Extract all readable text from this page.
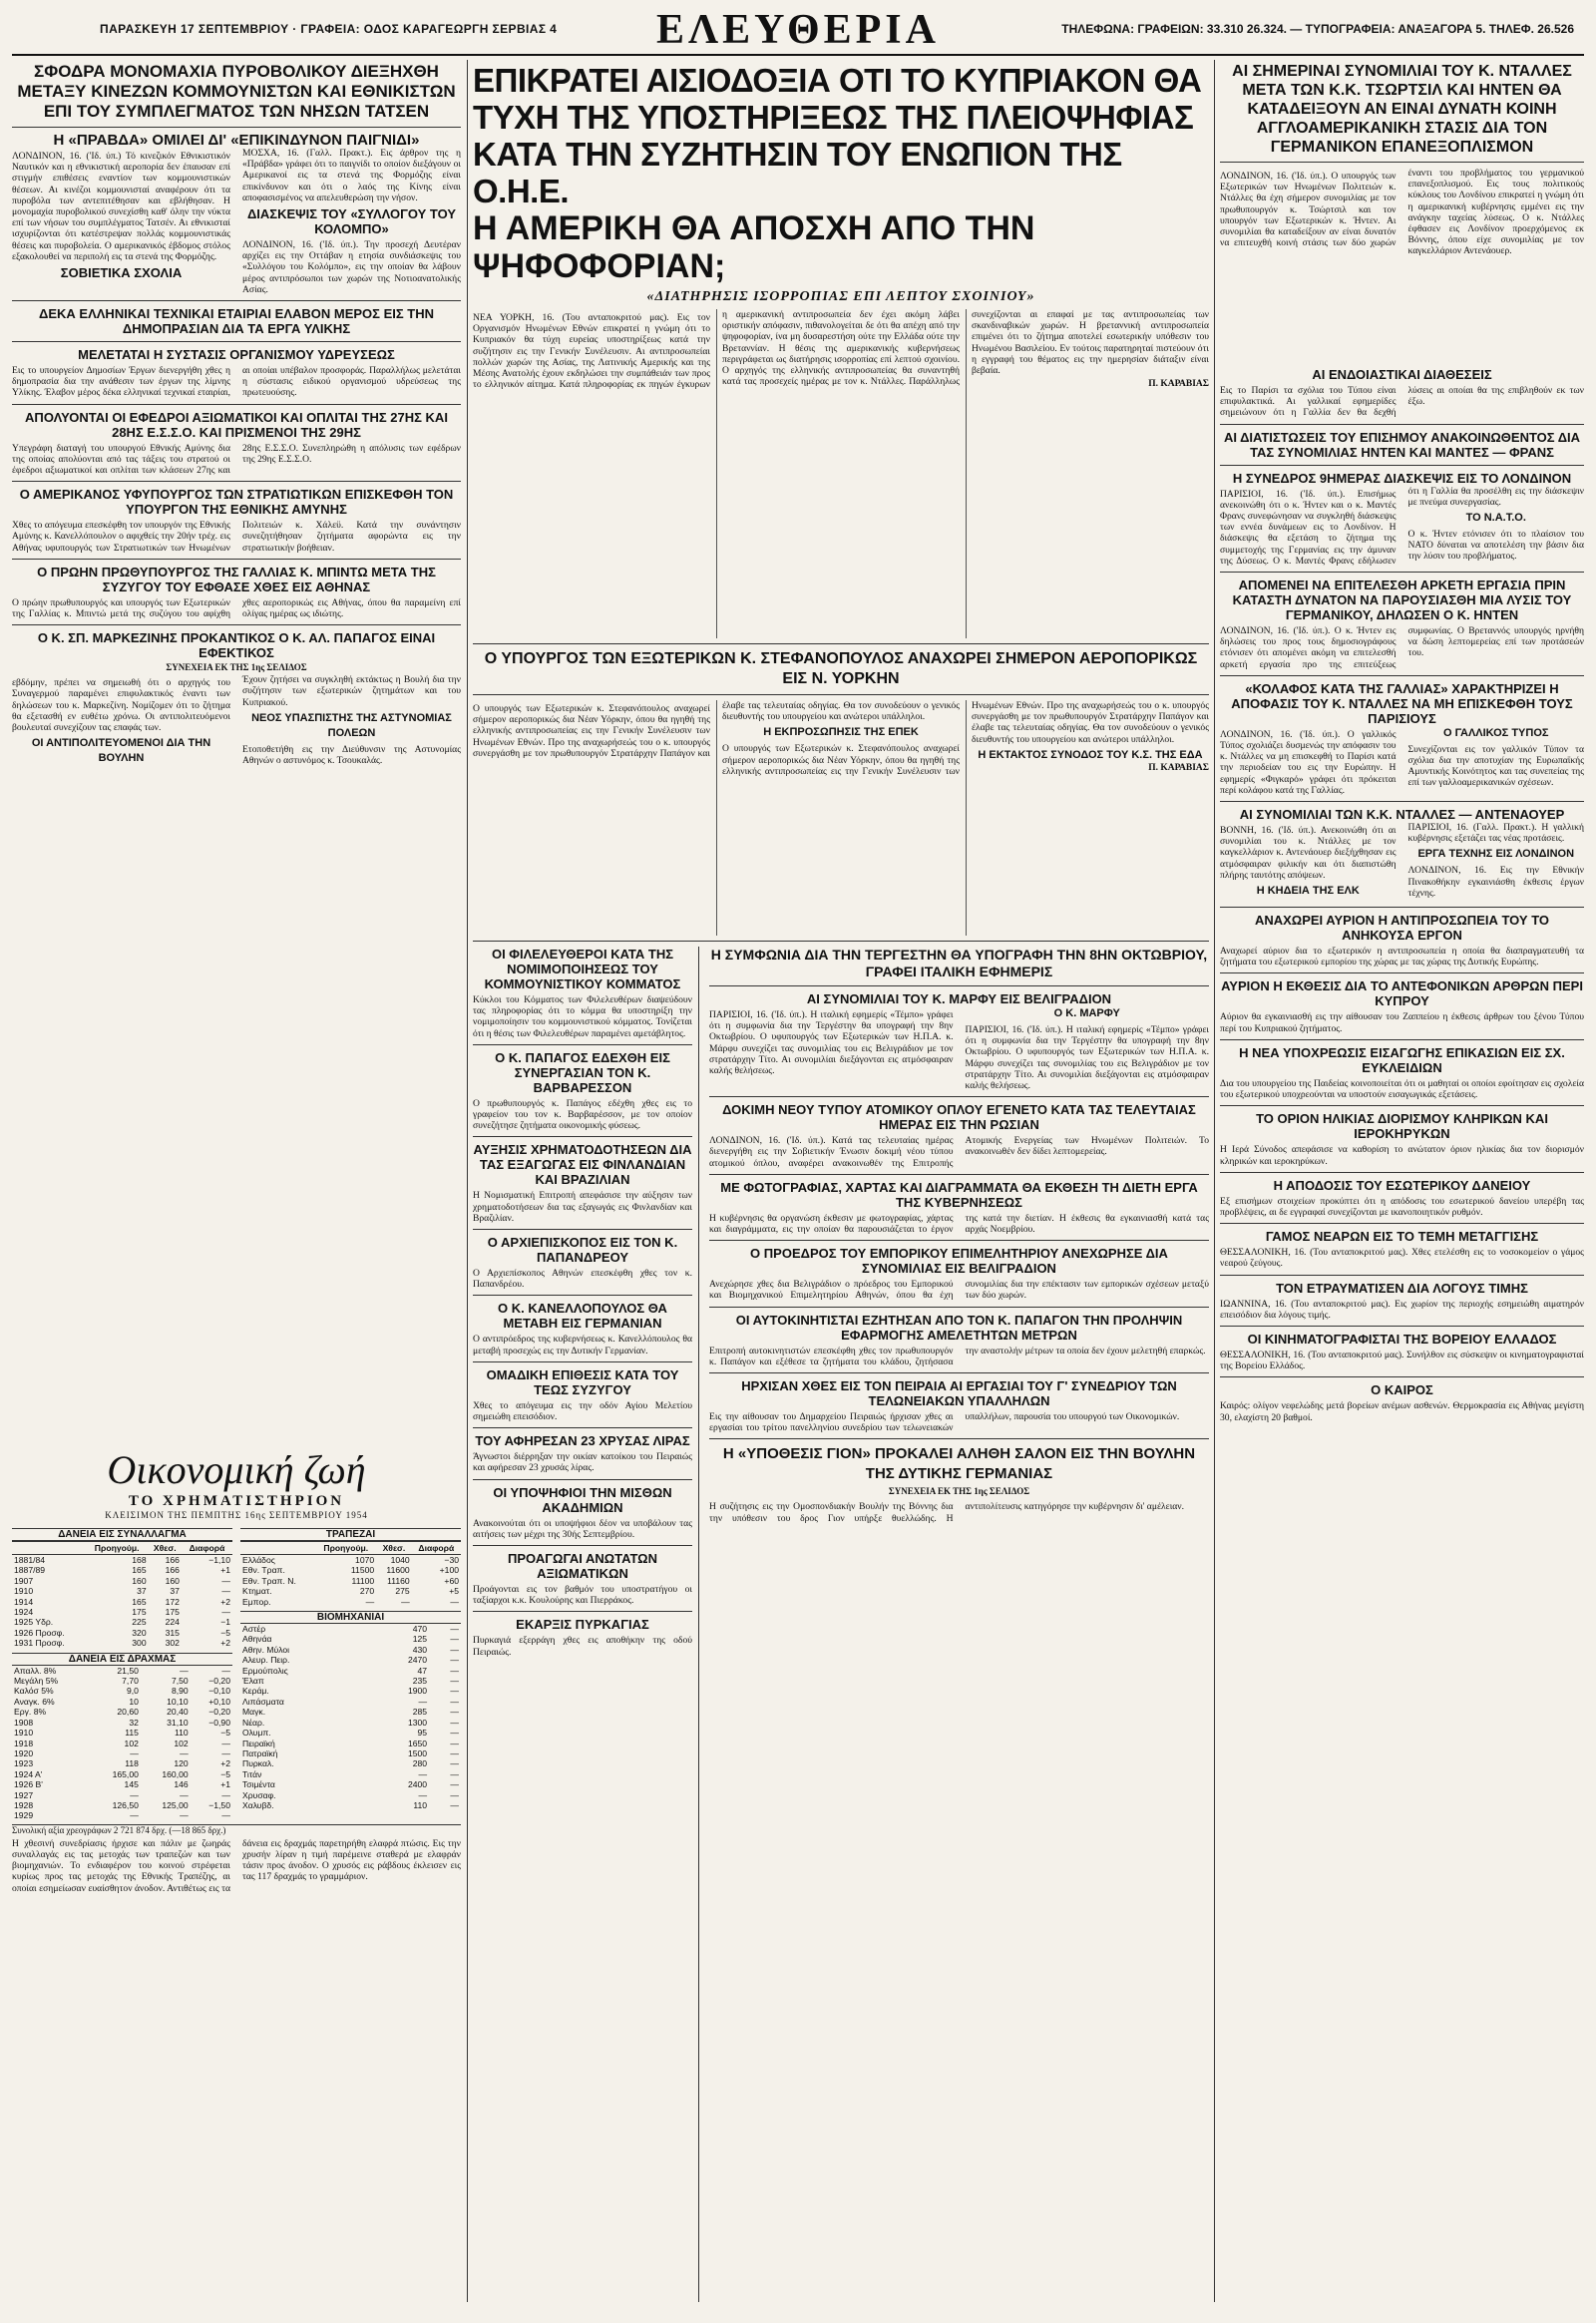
ΠΑΡΑΣΚΕΥΗ 17 ΣΕΠΤΕΜΒΡΙΟΥ · ΓΡΑΦΕΙΑ: ΟΔΟΣ ΚΑΡΑΓΕΩΡΓΗ ΣΕΡΒΙΑΣ 4	ΕΛΕΥΘΕΡΙΑ	ΤΗΛΕΦΩΝΑ: ΓΡΑΦΕΙΩΝ: 33.310 26.324. — ΤΥΠΟΓΡΑΦΕΙΑ: ΑΝΑΞΑΓΟΡΑ 5. ΤΗΛΕΦ. 26.526
ΣΦΟΔΡΑ ΜΟΝΟΜΑΧΙΑ ΠΥΡΟΒΟΛΙΚΟΥ ΔΙΕΞΗΧΘΗ ΜΕΤΑΞΥ ΚΙΝΕΖΩΝ ΚΟΜΜΟΥΝΙΣΤΩΝ ΚΑΙ ΕΘΝΙΚΙΣΤΩΝ ΕΠΙ ΤΟΥ ΣΥΜΠΛΕΓΜΑΤΟΣ ΤΩΝ ΝΗΣΩΝ ΤΑΤΣΕΝ
Η «ΠΡΑΒΔΑ» ΟΜΙΛΕΙ ΔΙ' «ΕΠΙΚΙΝΔΥΝΟΝ ΠΑΙΓΝΙΔΙ»

ΛΟΝΔΙΝΟΝ, 16. ('Ιδ. ύπ.) Τό κινεζικόν Εθνικιστικόν Ναυτικόν και η εθνικιστική αεροπορία δεν έπαυσαν επί στιγμήν επιθέσεις εναντίον των κομμουνιστικών θέσεων. Αι κινέζοι κομμουνισταί αναφέρουν ότι τα πυροβόλα των αντεπιτέθησαν και εβλήθησαν. Η μονομαχία πυροβολικού συνεχίσθη καθ' όλην την νύκτα επί των νήσων του συμπλέγματος Τατσέν. Αι εθνικισταί ισχυρίζονται ότι κατέστρεψαν πολλάς κομμουνιστικάς θέσεις και πυροβολεία. Ο αμερικανικός έβδομος στόλος εξακολουθεί να περιπολή εις τα στενά της Φορμόζης.

ΣΟΒΙΕΤΙΚΑ ΣΧΟΛΙΑ

ΜΟΣΧΑ, 16. (Γαλλ. Πρακτ.). Εις άρθρον της η «Πράβδα» γράφει ότι το παιγνίδι το οποίον διεξάγουν οι Αμερικανοί εις τα στενά της Φορμόζης είναι επικίνδυνον και ότι ο λαός της Κίνης είναι αποφασισμένος να απελευθερώση την νήσον.

ΔΙΑΣΚΕΨΙΣ ΤΟΥ «ΣΥΛΛΟΓΟΥ ΤΟΥ ΚΟΛΟΜΠΟ»

ΛΟΝΔΙΝΟΝ, 16. ('Ιδ. ύπ.). Την προσεχή Δευτέραν αρχίζει εις την Οττάβαν η ετησία συνδιάσκεψις του «Συλλόγου του Κολόμπο», εις την οποίαν θα λάβουν μέρος αντιπρόσωποι των χωρών της Νοτιοανατολικής Ασίας.

ΔΕΚΑ ΕΛΛΗΝΙΚΑΙ ΤΕΧΝΙΚΑΙ ΕΤΑΙΡΙΑΙ ΕΛΑΒΟΝ ΜΕΡΟΣ ΕΙΣ ΤΗΝ ΔΗΜΟΠΡΑΣΙΑΝ ΔΙΑ ΤΑ ΕΡΓΑ ΥΛΙΚΗΣ
ΜΕΛΕΤΑΤΑΙ Η ΣΥΣΤΑΣΙΣ ΟΡΓΑΝΙΣΜΟΥ ΥΔΡΕΥΣΕΩΣ

Εις το υπουργείον Δημοσίων Έργων διενεργήθη χθες η δημοπρασία δια την ανάθεσιν των έργων της λίμνης Υλίκης. Έλαβον μέρος δέκα ελληνικαί τεχνικαί εταιρίαι, αι οποίαι υπέβαλον προσφοράς. Παραλλήλως μελετάται η σύστασις ειδικού οργανισμού υδρεύσεως της πρωτευούσης.

ΑΠΟΛΥΟΝΤΑΙ ΟΙ ΕΦΕΔΡΟΙ ΑΞΙΩΜΑΤΙΚΟΙ ΚΑΙ ΟΠΛΙΤΑΙ ΤΗΣ 27ΗΣ ΚΑΙ 28ΗΣ Ε.Σ.Σ.Ο. ΚΑΙ ΠΡΙΣΜΕΝΟΙ ΤΗΣ 29ΗΣ

Υπεγράφη διαταγή του υπουργού Εθνικής Αμύνης δια της οποίας απολύονται από τας τάξεις του στρατού οι έφεδροι αξιωματικοί και οπλίται των κλάσεων 27ης και 28ης Ε.Σ.Σ.Ο. Συνεπληρώθη η απόλυσις των εφέδρων της 29ης Ε.Σ.Σ.Ο.

Ο ΑΜΕΡΙΚΑΝΟΣ ΥΦΥΠΟΥΡΓΟΣ ΤΩΝ ΣΤΡΑΤΙΩΤΙΚΩΝ ΕΠΙΣΚΕΦΘΗ ΤΟΝ ΥΠΟΥΡΓΟΝ ΤΗΣ ΕΘΝΙΚΗΣ ΑΜΥΝΗΣ

Χθες το απόγευμα επεσκέφθη τον υπουργόν της Εθνικής Αμύνης κ. Κανελλόπουλον ο αφιχθείς την 20ήν τρέχ. εις Αθήνας υφυπουργός των Στρατιωτικών των Ηνωμένων Πολιτειών κ. Χάλεϋ. Κατά την συνάντησιν συνεζητήθησαν ζητήματα αφορώντα εις την στρατιωτικήν βοήθειαν.

Ο ΠΡΩΗΝ ΠΡΩΘΥΠΟΥΡΓΟΣ ΤΗΣ ΓΑΛΛΙΑΣ Κ. ΜΠΙΝΤΩ ΜΕΤΑ ΤΗΣ ΣΥΖΥΓΟΥ ΤΟΥ ΕΦΘΑΣΕ ΧΘΕΣ ΕΙΣ ΑΘΗΝΑΣ

Ο πρώην πρωθυπουργός και υπουργός των Εξωτερικών της Γαλλίας κ. Μπιντώ μετά της συζύγου του αφίχθη χθες αεροπορικώς εις Αθήνας, όπου θα παραμείνη επί ολίγας ημέρας ως ιδιώτης.

Ο Κ. ΣΠ. ΜΑΡΚΕΖΙΝΗΣ ΠΡΟΚΑΝΤΙΚΟΣ Ο Κ. ΑΛ. ΠΑΠΑΓΟΣ ΕΙΝΑΙ ΕΦΕΚΤΙΚΟΣ
ΣΥΝΕΧΕΙΑ ΕΚ ΤΗΣ 1ης ΣΕΛΙΔΟΣ

εβδόμην, πρέπει να σημειωθή ότι ο αρχηγός του Συναγερμού παραμένει επιφυλακτικός έναντι των δηλώσεων του κ. Μαρκεζίνη. Νομίζομεν ότι το ζήτημα θα εξετασθή εν ευθέτω χρόνω. Οι αντιπολιτευόμενοι βουλευταί συνεχίζουν τας επαφάς των.

ΟΙ ΑΝΤΙΠΟΛΙΤΕΥΟΜΕΝΟΙ ΔΙΑ ΤΗΝ ΒΟΥΛΗΝ

Έχουν ζητήσει να συγκληθή εκτάκτως η Βουλή δια την συζήτησιν των εξωτερικών ζητημάτων και του Κυπριακού.

ΝΕΟΣ ΥΠΑΣΠΙΣΤΗΣ ΤΗΣ ΑΣΤΥΝΟΜΙΑΣ ΠΟΛΕΩΝ

Ετοποθετήθη εις την Διεύθυνσιν της Αστυνομίας Αθηνών ο αστυνόμος κ. Τσουκαλάς.

Οικονομική ζωή
ΤΟ ΧΡΗΜΑΤΙΣΤΗΡΙΟΝ
ΚΛΕΙΣΙΜΟΝ ΤΗΣ ΠΕΜΠΤΗΣ 16ης ΣΕΠΤΕΜΒΡΙΟΥ 1954
ΔΑΝΕΙΑ ΕΙΣ ΣΥΝΑΛΛΑΓΜΑ
	Προηγούμ.	Χθεσ.	Διαφορά
1881/84	168	166	−1,10
1887/89	165	166	+1
1907	160	160	—
1910	37	37	—
1914	165	172	+2
1924	175	175	—
1925 Υδρ.	225	224	−1
1926 Προσφ.	320	315	−5
1931 Προσφ.	300	302	+2
ΔΑΝΕΙΑ ΕΙΣ ΔΡΑΧΜΑΣ
Απαλλ. 8%	21,50	—	—
Μεγάλη 5%	7,70	7,50	−0,20
Καλόσ 5%	9,0	8,90	−0,10
Αναγκ. 6%	10	10,10	+0,10
Εργ. 8%	20,60	20,40	−0,20
1908	32	31,10	−0,90
1910	115	110	−5
1918	102	102	—
1920	—	—	—
1923	118	120	+2
1924 Α'	165,00	160,00	−5
1926 Β'	145	146	+1
1927	—	—	—
1928	126,50	125,00	−1,50
1929	—	—	—
ΤΡΑΠΕΖΑΙ
	Προηγούμ.	Χθεσ.	Διαφορά
Ελλάδος	1070	1040	−30
Εθν. Τραπ.	11500	11600	+100
Εθν. Τραπ. Ν.	11100	11160	+60
Κτηματ.	270	275	+5
Εμπορ.	—	—	—
ΒΙΟΜΗΧΑΝΙΑΙ
Αστέρ	470	—
Αθηνάα	125	—
Αθην. Μύλοι	430	—
Αλευρ. Πειρ.	2470	—
Ερμούπολις	47	—
Έλαπ	235	—
Κεράμ.	1900	—
Λιπάσματα	—	—
Μαγκ.	285	—
Νέαρ.	1300	—
Ολυμπ.	95	—
Πειραϊκή	1650	—
Πατραϊκή	1500	—
Πυρκαλ.	280	—
Τιτάν	—	—
Τσιμέντα	2400	—
Χρυσαφ.	—	—
Χαλυβδ.	110	—
Συνολική αξία χρεογράφων 2 721 874 δρχ. (—18 865 δρχ.)

Η χθεσινή συνεδρίασις ήρχισε και πάλιν με ζωηράς συναλλαγάς εις τας μετοχάς των τραπεζών και των βιομηχανιών. Το ενδιαφέρον του κοινού στρέφεται κυρίως προς τας μετοχάς της Εθνικής Τραπέζης, αι οποίαι εσημείωσαν ευαίσθητον άνοδον. Αντιθέτως εις τα δάνεια εις δραχμάς παρετηρήθη ελαφρά πτώσις. Εις την χρυσήν λίραν η τιμή παρέμεινε σταθερά με ελαφράν τάσιν προς άνοδον. Ο χρυσός εις ράβδους έκλεισεν εις τας 117 δραχμάς το γραμμάριον.

ΕΠΙΚΡΑΤΕΙ ΑΙΣΙΟΔΟΞΙΑ ΟΤΙ ΤΟ ΚΥΠΡΙΑΚΟΝ ΘΑ ΤΥΧΗ ΤΗΣ ΥΠΟΣΤΗΡΙΞΕΩΣ ΤΗΣ ΠΛΕΙΟΨΗΦΙΑΣ ΚΑΤΑ ΤΗΝ ΣΥΖΗΤΗΣΙΝ ΤΟΥ ΕΝΩΠΙΟΝ ΤΗΣ Ο.Η.Ε.
Η ΑΜΕΡΙΚΗ ΘΑ ΑΠΟΣΧΗ ΑΠΟ ΤΗΝ ΨΗΦΟΦΟΡΙΑΝ;
«ΔΙΑΤΗΡΗΣΙΣ ΙΣΟΡΡΟΠΙΑΣ ΕΠΙ ΛΕΠΤΟΥ ΣΧΟΙΝΙΟΥ»

ΝΕΑ ΥΟΡΚΗ, 16. (Του ανταποκριτού μας). Εις τον Οργανισμόν Ηνωμένων Εθνών επικρατεί η γνώμη ότι το Κυπριακόν θα τύχη ευρείας υποστηρίξεως κατά την συζήτησιν εις την Γενικήν Συνέλευσιν. Αι αντιπροσωπείαι πολλών χωρών της Ασίας, της Λατινικής Αμερικής και της Μέσης Ανατολής έχουν εκδηλώσει την συμπάθειάν των προς το ελληνικόν αίτημα. Κατά πληροφορίας εκ πηγών έγκυρων η αμερικανική αντιπροσωπεία δεν έχει ακόμη λάβει οριστικήν απόφασιν, πιθανολογείται δε ότι θα απέχη από την ψηφοφορίαν, ίνα μη δυσαρεστήση ούτε την Ελλάδα ούτε την Βρεταννίαν. Η θέσις της αμερικανικής κυβερνήσεως περιγράφεται ως διατήρησις ισορροπίας επί λεπτού σχοινίου. Ο αρχηγός της ελληνικής αντιπροσωπείας θα συναντηθή κατά τας προσεχείς ημέρας με τον κ. Ντάλλες. Παράλληλως συνεχίζονται αι επαφαί με τας αντιπροσωπείας των σκανδιναβικών χωρών. Η βρεταννική αντιπροσωπεία επιμένει ότι το ζήτημα αποτελεί εσωτερικήν υπόθεσιν του Ηνωμένου Βασιλείου. Εν τούτοις παρατηρηταί πιστεύουν ότι η εγγραφή του θέματος εις την ημερησίαν διάταξιν είναι βεβαία.

Π. ΚΑΡΑΒΙΑΣ
Ο ΥΠΟΥΡΓΟΣ ΤΩΝ ΕΞΩΤΕΡΙΚΩΝ Κ. ΣΤΕΦΑΝΟΠΟΥΛΟΣ ΑΝΑΧΩΡΕΙ ΣΗΜΕΡΟΝ ΑΕΡΟΠΟΡΙΚΩΣ ΕΙΣ Ν. ΥΟΡΚΗΝ

Ο υπουργός των Εξωτερικών κ. Στεφανόπουλος αναχωρεί σήμερον αεροπορικώς δια Νέαν Υόρκην, όπου θα ηγηθή της ελληνικής αντιπροσωπείας εις την Γενικήν Συνέλευσιν των Ηνωμένων Εθνών. Προ της αναχωρήσεώς του ο κ. υπουργός συνεργάσθη με τον πρωθυπουργόν Στρατάρχην Παπάγον και έλαβε τας τελευταίας οδηγίας. Θα τον συνοδεύουν ο γενικός διευθυντής του υπουργείου και ανώτεροι υπάλληλοι.

Η ΕΚΠΡΟΣΩΠΗΣΙΣ ΤΗΣ ΕΠΕΚ

Ο υπουργός των Εξωτερικών κ. Στεφανόπουλος αναχωρεί σήμερον αεροπορικώς δια Νέαν Υόρκην, όπου θα ηγηθή της ελληνικής αντιπροσωπείας εις την Γενικήν Συνέλευσιν των Ηνωμένων Εθνών. Προ της αναχωρήσεώς του ο κ. υπουργός συνεργάσθη με τον πρωθυπουργόν Στρατάρχην Παπάγον και έλαβε τας τελευταίας οδηγίας. Θα τον συνοδεύουν ο γενικός διευθυντής του υπουργείου και ανώτεροι υπάλληλοι.

Η ΕΚΤΑΚΤΟΣ ΣΥΝΟΔΟΣ ΤΟΥ Κ.Σ. ΤΗΣ ΕΔΑ
Π. ΚΑΡΑΒΙΑΣ
ΟΙ ΦΙΛΕΛΕΥΘΕΡΟΙ ΚΑΤΑ ΤΗΣ ΝΟΜΙΜΟΠΟΙΗΣΕΩΣ ΤΟΥ ΚΟΜΜΟΥΝΙΣΤΙΚΟΥ ΚΟΜΜΑΤΟΣ

Κύκλοι του Κόμματος των Φιλελευθέρων διαψεύδουν τας πληροφορίας ότι το κόμμα θα υποστηρίξη την νομιμοποίησιν του κομμουνιστικού κόμματος. Τονίζεται ότι η θέσις των Φιλελευθέρων παραμένει αμετάβλητος.

Ο Κ. ΠΑΠΑΓΟΣ ΕΔΕΧΘΗ ΕΙΣ ΣΥΝΕΡΓΑΣΙΑΝ ΤΟΝ Κ. ΒΑΡΒΑΡΕΣΣΟΝ

Ο πρωθυπουργός κ. Παπάγος εδέχθη χθες εις το γραφείον του τον κ. Βαρβαρέσσον, με τον οποίον συνεζήτησε ζητήματα οικονομικής φύσεως.

ΑΥΞΗΣΙΣ ΧΡΗΜΑΤΟΔΟΤΗΣΕΩΝ ΔΙΑ ΤΑΣ ΕΞΑΓΩΓΑΣ ΕΙΣ ΦΙΝΛΑΝΔΙΑΝ ΚΑΙ ΒΡΑΖΙΛΙΑΝ

Η Νομισματική Επιτροπή απεφάσισε την αύξησιν των χρηματοδοτήσεων δια τας εξαγωγάς εις Φινλανδίαν και Βραζιλίαν.

Ο ΑΡΧΙΕΠΙΣΚΟΠΟΣ ΕΙΣ ΤΟΝ Κ. ΠΑΠΑΝΔΡΕΟΥ

Ο Αρχιεπίσκοπος Αθηνών επεσκέφθη χθες τον κ. Παπανδρέου.

Ο Κ. ΚΑΝΕΛΛΟΠΟΥΛΟΣ ΘΑ ΜΕΤΑΒΗ ΕΙΣ ΓΕΡΜΑΝΙΑΝ

Ο αντιπρόεδρος της κυβερνήσεως κ. Κανελλόπουλος θα μεταβή προσεχώς εις την Δυτικήν Γερμανίαν.

ΟΜΑΔΙΚΗ ΕΠΙΘΕΣΙΣ ΚΑΤΑ ΤΟΥ ΤΕΩΣ ΣΥΖΥΓΟΥ

Χθες το απόγευμα εις την οδόν Αγίου Μελετίου σημειώθη επεισόδιον.

ΤΟΥ ΑΦΗΡΕΣΑΝ 23 ΧΡΥΣΑΣ ΛΙΡΑΣ

Άγνωστοι διέρρηξαν την οικίαν κατοίκου του Πειραιώς και αφήρεσαν 23 χρυσάς λίρας.

ΟΙ ΥΠΟΨΗΦΙΟΙ ΤΗΝ ΜΙΣΘΩΝ ΑΚΑΔΗΜΙΩΝ

Ανακοινούται ότι οι υποψήφιοι δέον να υποβάλουν τας αιτήσεις των μέχρι της 30ής Σεπτεμβρίου.

ΠΡΟΑΓΩΓΑΙ ΑΝΩΤΑΤΩΝ ΑΞΙΩΜΑΤΙΚΩΝ

Προάγονται εις τον βαθμόν του υποστρατήγου οι ταξίαρχοι κ.κ. Κουλούρης και Πιερράκος.

ΕΚΑΡΞΙΣ ΠΥΡΚΑΓΙΑΣ

Πυρκαγιά εξερράγη χθες εις αποθήκην της οδού Πειραιώς.

Η ΣΥΜΦΩΝΙΑ ΔΙΑ ΤΗΝ ΤΕΡΓΕΣΤΗΝ ΘΑ ΥΠΟΓΡΑΦΗ ΤΗΝ 8ΗΝ ΟΚΤΩΒΡΙΟΥ, ΓΡΑΦΕΙ ΙΤΑΛΙΚΗ ΕΦΗΜΕΡΙΣ
ΑΙ ΣΥΝΟΜΙΛΙΑΙ ΤΟΥ Κ. ΜΑΡΦΥ ΕΙΣ ΒΕΛΙΓΡΑΔΙΟΝ

ΠΑΡΙΣΙΟΙ, 16. ('Ιδ. ύπ.). Η ιταλική εφημερίς «Τέμπο» γράφει ότι η συμφωνία δια την Τεργέστην θα υπογραφή την 8ην Οκτωβρίου. Ο υφυπουργός των Εξωτερικών των Η.Π.Α. κ. Μάρφυ συνεχίζει τας συνομιλίας του εις Βελιγράδιον με τον στρατάρχην Τίτο. Αι συνομιλίαι διεξάγονται εις ατμόσφαιραν καλής θελήσεως.

Ο Κ. ΜΑΡΦΥ

ΠΑΡΙΣΙΟΙ, 16. ('Ιδ. ύπ.). Η ιταλική εφημερίς «Τέμπο» γράφει ότι η συμφωνία δια την Τεργέστην θα υπογραφή την 8ην Οκτωβρίου. Ο υφυπουργός των Εξωτερικών των Η.Π.Α. κ. Μάρφυ συνεχίζει τας συνομιλίας του εις Βελιγράδιον με τον στρατάρχην Τίτο. Αι συνομιλίαι διεξάγονται εις ατμόσφαιραν καλής θελήσεως.

ΔΟΚΙΜΗ ΝΕΟΥ ΤΥΠΟΥ ΑΤΟΜΙΚΟΥ ΟΠΛΟΥ ΕΓΕΝΕΤΟ ΚΑΤΑ ΤΑΣ ΤΕΛΕΥΤΑΙΑΣ ΗΜΕΡΑΣ ΕΙΣ ΤΗΝ ΡΩΣΙΑΝ

ΛΟΝΔΙΝΟΝ, 16. ('Ιδ. ύπ.). Κατά τας τελευταίας ημέρας διενεργήθη εις την Σοβιετικήν Ένωσιν δοκιμή νέου τύπου ατομικού όπλου, αναφέρει ανακοινωθέν της Επιτροπής Ατομικής Ενεργείας των Ηνωμένων Πολιτειών. Το ανακοινωθέν δεν δίδει λεπτομερείας.

ΜΕ ΦΩΤΟΓΡΑΦΙΑΣ, ΧΑΡΤΑΣ ΚΑΙ ΔΙΑΓΡΑΜΜΑΤΑ ΘΑ ΕΚΘΕΣΗ ΤΗ ΔΙΕΤΗ ΕΡΓΑ ΤΗΣ ΚΥΒΕΡΝΗΣΕΩΣ

Η κυβέρνησις θα οργανώση έκθεσιν με φωτογραφίας, χάρτας και διαγράμματα, εις την οποίαν θα παρουσιάζεται το έργον της κατά την διετίαν. Η έκθεσις θα εγκαινιασθή κατά τας αρχάς Νοεμβρίου.

Ο ΠΡΟΕΔΡΟΣ ΤΟΥ ΕΜΠΟΡΙΚΟΥ ΕΠΙΜΕΛΗΤΗΡΙΟΥ ΑΝΕΧΩΡΗΣΕ ΔΙΑ ΣΥΝΟΜΙΛΙΑΣ ΕΙΣ ΒΕΛΙΓΡΑΔΙΟΝ

Ανεχώρησε χθες δια Βελιγράδιον ο πρόεδρος του Εμπορικού και Βιομηχανικού Επιμελητηρίου Αθηνών, όπου θα έχη συνομιλίας δια την επέκτασιν των εμπορικών σχέσεων μεταξύ των δύο χωρών.

ΟΙ ΑΥΤΟΚΙΝΗΤΙΣΤΑΙ ΕΖΗΤΗΣΑΝ ΑΠΟ ΤΟΝ Κ. ΠΑΠΑΓΟΝ ΤΗΝ ΠΡΟΛΗΨΙΝ ΕΦΑΡΜΟΓΗΣ ΑΜΕΛΕΤΗΤΩΝ ΜΕΤΡΩΝ

Επιτροπή αυτοκινητιστών επεσκέφθη χθες τον πρωθυπουργόν κ. Παπάγον και εξέθεσε τα ζητήματα του κλάδου, ζητήσασα την αναστολήν μέτρων τα οποία δεν έχουν μελετηθή επαρκώς.

ΗΡΧΙΣΑΝ ΧΘΕΣ ΕΙΣ ΤΟΝ ΠΕΙΡΑΙΑ ΑΙ ΕΡΓΑΣΙΑΙ ΤΟΥ Γ' ΣΥΝΕΔΡΙΟΥ ΤΩΝ ΤΕΛΩΝΕΙΑΚΩΝ ΥΠΑΛΛΗΛΩΝ

Εις την αίθουσαν του Δημαρχείου Πειραιώς ήρχισαν χθες αι εργασίαι του τρίτου πανελληνίου συνεδρίου των τελωνειακών υπαλλήλων, παρουσία του υπουργού των Οικονομικών.

Η «ΥΠΟΘΕΣΙΣ ΓΙΟΝ» ΠΡΟΚΑΛΕΙ ΑΛΗΘΗ ΣΑΛΟΝ ΕΙΣ ΤΗΝ ΒΟΥΛΗΝ ΤΗΣ ΔΥΤΙΚΗΣ ΓΕΡΜΑΝΙΑΣ
ΣΥΝΕΧΕΙΑ ΕΚ ΤΗΣ 1ης ΣΕΛΙΔΟΣ

Η συζήτησις εις την Ομοσπονδιακήν Βουλήν της Βόννης δια την υπόθεσιν του δρος Γιον υπήρξε θυελλώδης. Η αντιπολίτευσις κατηγόρησε την κυβέρνησιν δι' αμέλειαν.

ΑΙ ΣΗΜΕΡΙΝΑΙ ΣΥΝΟΜΙΛΙΑΙ ΤΟΥ Κ. ΝΤΑΛΛΕΣ ΜΕΤΑ ΤΩΝ Κ.Κ. ΤΣΩΡΤΣΙΛ ΚΑΙ ΗΝΤΕΝ ΘΑ ΚΑΤΑΔΕΙΞΟΥΝ ΑΝ ΕΙΝΑΙ ΔΥΝΑΤΗ ΚΟΙΝΗ ΑΓΓΛΟΑΜΕΡΙΚΑΝΙΚΗ ΣΤΑΣΙΣ ΔΙΑ ΤΟΝ ΓΕΡΜΑΝΙΚΟΝ ΕΠΑΝΕΞΟΠΛΙΣΜΟΝ

ΛΟΝΔΙΝΟΝ, 16. ('Ιδ. ύπ.). Ο υπουργός των Εξωτερικών των Ηνωμένων Πολιτειών κ. Ντάλλες θα έχη σήμερον συνομιλίας με τον πρωθυπουργόν κ. Τσώρτσιλ και τον υπουργόν των Εξωτερικών κ. Ήντεν. Αι συνομιλίαι θα καταδείξουν αν είναι δυνατόν να επιτευχθή κοινή στάσις των δύο χωρών έναντι του προβλήματος του γερμανικού επανεξοπλισμού. Εις τους πολιτικούς κύκλους του Λονδίνου επικρατεί η γνώμη ότι η αμερικανική κυβέρνησις εμμένει εις την ανάγκην ταχείας λύσεως. Ο κ. Ντάλλες έφθασεν εις Λονδίνον προερχόμενος εκ Βόννης, όπου είχε συνομιλίας με τον καγκελλάριον Αντενάουερ.

ΑΙ ΕΝΔΟΙΑΣΤΙΚΑΙ ΔΙΑΘΕΣΕΙΣ

Εις το Παρίσι τα σχόλια του Τύπου είναι επιφυλακτικά. Αι γαλλικαί εφημερίδες σημειώνουν ότι η Γαλλία δεν θα δεχθή λύσεις αι οποίαι θα της επιβληθούν εκ των έξω.

ΑΙ ΔΙΑΤΙΣΤΩΣΕΙΣ ΤΟΥ ΕΠΙΣΗΜΟΥ ΑΝΑΚΟΙΝΩΘΕΝΤΟΣ ΔΙΑ ΤΑΣ ΣΥΝΟΜΙΛΙΑΣ ΗΝΤΕΝ ΚΑΙ ΜΑΝΤΕΣ — ΦΡΑΝΣ
Η ΣΥΝΕΔΡΟΣ 9ΗΜΕΡΑΣ ΔΙΑΣΚΕΨΙΣ ΕΙΣ ΤΟ ΛΟΝΔΙΝΟΝ

ΠΑΡΙΣΙΟΙ, 16. ('Ιδ. ύπ.). Επισήμως ανεκοινώθη ότι ο κ. Ήντεν και ο κ. Μαντές Φρανς συνεφώνησαν να συγκληθή διάσκεψις των εννέα δυνάμεων εις το Λονδίνον. Η διάσκεψις θα εξετάση το ζήτημα της συμμετοχής της Γερμανίας εις την άμυναν της Δύσεως. Ο κ. Μαντές Φρανς εδήλωσεν ότι η Γαλλία θα προσέλθη εις την διάσκεψιν με πνεύμα συνεργασίας.

ΤΟ Ν.Α.Τ.Ο.

Ο κ. Ήντεν ετόνισεν ότι το πλαίσιον του ΝΑΤΟ δύναται να αποτελέση την βάσιν δια την λύσιν του προβλήματος.

ΑΠΟΜΕΝΕΙ ΝΑ ΕΠΙΤΕΛΕΣΘΗ ΑΡΚΕΤΗ ΕΡΓΑΣΙΑ ΠΡΙΝ ΚΑΤΑΣΤΗ ΔΥΝΑΤΟΝ ΝΑ ΠΑΡΟΥΣΙΑΣΘΗ ΜΙΑ ΛΥΣΙΣ ΤΟΥ ΓΕΡΜΑΝΙΚΟΥ, ΔΗΛΩΣΕΝ Ο Κ. ΗΝΤΕΝ

ΛΟΝΔΙΝΟΝ, 16. ('Ιδ. ύπ.). Ο κ. Ήντεν εις δηλώσεις του προς τους δημοσιογράφους ετόνισεν ότι απομένει ακόμη να επιτελεσθή αρκετή εργασία προ της επιτεύξεως συμφωνίας. Ο Βρεταννός υπουργός ηρνήθη να δώση λεπτομερείας επί των προτάσεών του.

«ΚΟΛΑΦΟΣ ΚΑΤΑ ΤΗΣ ΓΑΛΛΙΑΣ» ΧΑΡΑΚΤΗΡΙΖΕΙ Η ΑΠΟΦΑΣΙΣ ΤΟΥ Κ. ΝΤΑΛΛΕΣ ΝΑ ΜΗ ΕΠΙΣΚΕΦΘΗ ΤΟΥΣ ΠΑΡΙΣΙΟΥΣ

ΛΟΝΔΙΝΟΝ, 16. ('Ιδ. ύπ.). Ο γαλλικός Τύπος σχολιάζει δυσμενώς την απόφασιν του κ. Ντάλλες να μη επισκεφθή το Παρίσι κατά την περιοδείαν του εις την Ευρώπην. Η εφημερίς «Φιγκαρό» γράφει ότι πρόκειται περί κολάφου κατά της Γαλλίας.

Ο ΓΑΛΛΙΚΟΣ ΤΥΠΟΣ

Συνεχίζονται εις τον γαλλικόν Τύπον τα σχόλια δια την αποτυχίαν της Ευρωπαϊκής Αμυντικής Κοινότητος και τας συνεπείας της επί των γαλλοαμερικανικών σχέσεων.

ΑΙ ΣΥΝΟΜΙΛΙΑΙ ΤΩΝ Κ.Κ. ΝΤΑΛΛΕΣ — ΑΝΤΕΝΑΟΥΕΡ

ΒΟΝΝΗ, 16. ('Ιδ. ύπ.). Ανεκοινώθη ότι αι συνομιλίαι του κ. Ντάλλες με τον καγκελλάριον κ. Αντενάουερ διεξήχθησαν εις ατμόσφαιραν φιλικήν και ότι διαπιστώθη πλήρης ταυτότης απόψεων.

Η ΚΗΔΕΙΑ ΤΗΣ ΕΛΚ

ΠΑΡΙΣΙΟΙ, 16. (Γαλλ. Πρακτ.). Η γαλλική κυβέρνησις εξετάζει τας νέας προτάσεις.

ΕΡΓΑ ΤΕΧΝΗΣ ΕΙΣ ΛΟΝΔΙΝΟΝ

ΛΟΝΔΙΝΟΝ, 16. Εις την Εθνικήν Πινακοθήκην εγκαινιάσθη έκθεσις έργων τέχνης.

ΑΝΑΧΩΡΕΙ ΑΥΡΙΟΝ Η ΑΝΤΙΠΡΟΣΩΠΕΙΑ ΤΟΥ ΤΟ ΑΝΗΚΟΥΣΑ ΕΡΓΟΝ

Αναχωρεί αύριον δια το εξωτερικόν η αντιπροσωπεία η οποία θα διαπραγματευθή τα ζητήματα του εξωτερικού εμπορίου της χώρας με τας χώρας της Δυτικής Ευρώπης.

ΑΥΡΙΟΝ Η ΕΚΘΕΣΙΣ ΔΙΑ ΤΟ ΑΝΤΕΦΟΝΙΚΩΝ ΑΡΘΡΩΝ ΠΕΡΙ ΚΥΠΡΟΥ

Αύριον θα εγκαινιασθή εις την αίθουσαν του Ζαππείου η έκθεσις άρθρων του ξένου Τύπου περί του Κυπριακού ζητήματος.

Η ΝΕΑ ΥΠΟΧΡΕΩΣΙΣ ΕΙΣΑΓΩΓΗΣ ΕΠΙΚΑΣΙΩΝ ΕΙΣ ΣΧ. ΕΥΚΛΕΙΔΙΩΝ

Δια του υπουργείου της Παιδείας κοινοποιείται ότι οι μαθηταί οι οποίοι εφοίτησαν εις σχολεία του εξωτερικού υποχρεούνται να υποστούν εισαγωγικάς εξετάσεις.

ΤΟ ΟΡΙΟΝ ΗΛΙΚΙΑΣ ΔΙΟΡΙΣΜΟΥ ΚΛΗΡΙΚΩΝ ΚΑΙ ΙΕΡΟΚΗΡΥΚΩΝ

Η Ιερά Σύνοδος απεφάσισε να καθορίση το ανώτατον όριον ηλικίας δια τον διορισμόν κληρικών και ιεροκηρύκων.

Η ΑΠΟΔΟΣΙΣ ΤΟΥ ΕΣΩΤΕΡΙΚΟΥ ΔΑΝΕΙΟΥ

Εξ επισήμων στοιχείων προκύπτει ότι η απόδοσις του εσωτερικού δανείου υπερέβη τας προβλέψεις, αι δε εγγραφαί συνεχίζονται με ικανοποιητικόν ρυθμόν.

ΓΑΜΟΣ ΝΕΑΡΩΝ ΕΙΣ ΤΟ ΤΕΜΗ ΜΕΤΑΓΓΙΣΗΣ

ΘΕΣΣΑΛΟΝΙΚΗ, 16. (Του ανταποκριτού μας). Χθες ετελέσθη εις το νοσοκομείον ο γάμος νεαρού ζεύγους.

ΤΟΝ ΕΤΡΑΥΜΑΤΙΣΕΝ ΔΙΑ ΛΟΓΟΥΣ ΤΙΜΗΣ

ΙΩΑΝΝΙΝΑ, 16. (Του ανταποκριτού μας). Εις χωρίον της περιοχής εσημειώθη αιματηρόν επεισόδιον δια λόγους τιμής.

ΟΙ ΚΙΝΗΜΑΤΟΓΡΑΦΙΣΤΑΙ ΤΗΣ ΒΟΡΕΙΟΥ ΕΛΛΑΔΟΣ

ΘΕΣΣΑΛΟΝΙΚΗ, 16. (Του ανταποκριτού μας). Συνήλθον εις σύσκεψιν οι κινηματογραφισταί της Βορείου Ελλάδος.

Ο ΚΑΙΡΟΣ

Καιρός: ολίγον νεφελώδης μετά βορείων ανέμων ασθενών. Θερμοκρασία εις Αθήνας μεγίστη 30, ελαχίστη 20 βαθμοί.
